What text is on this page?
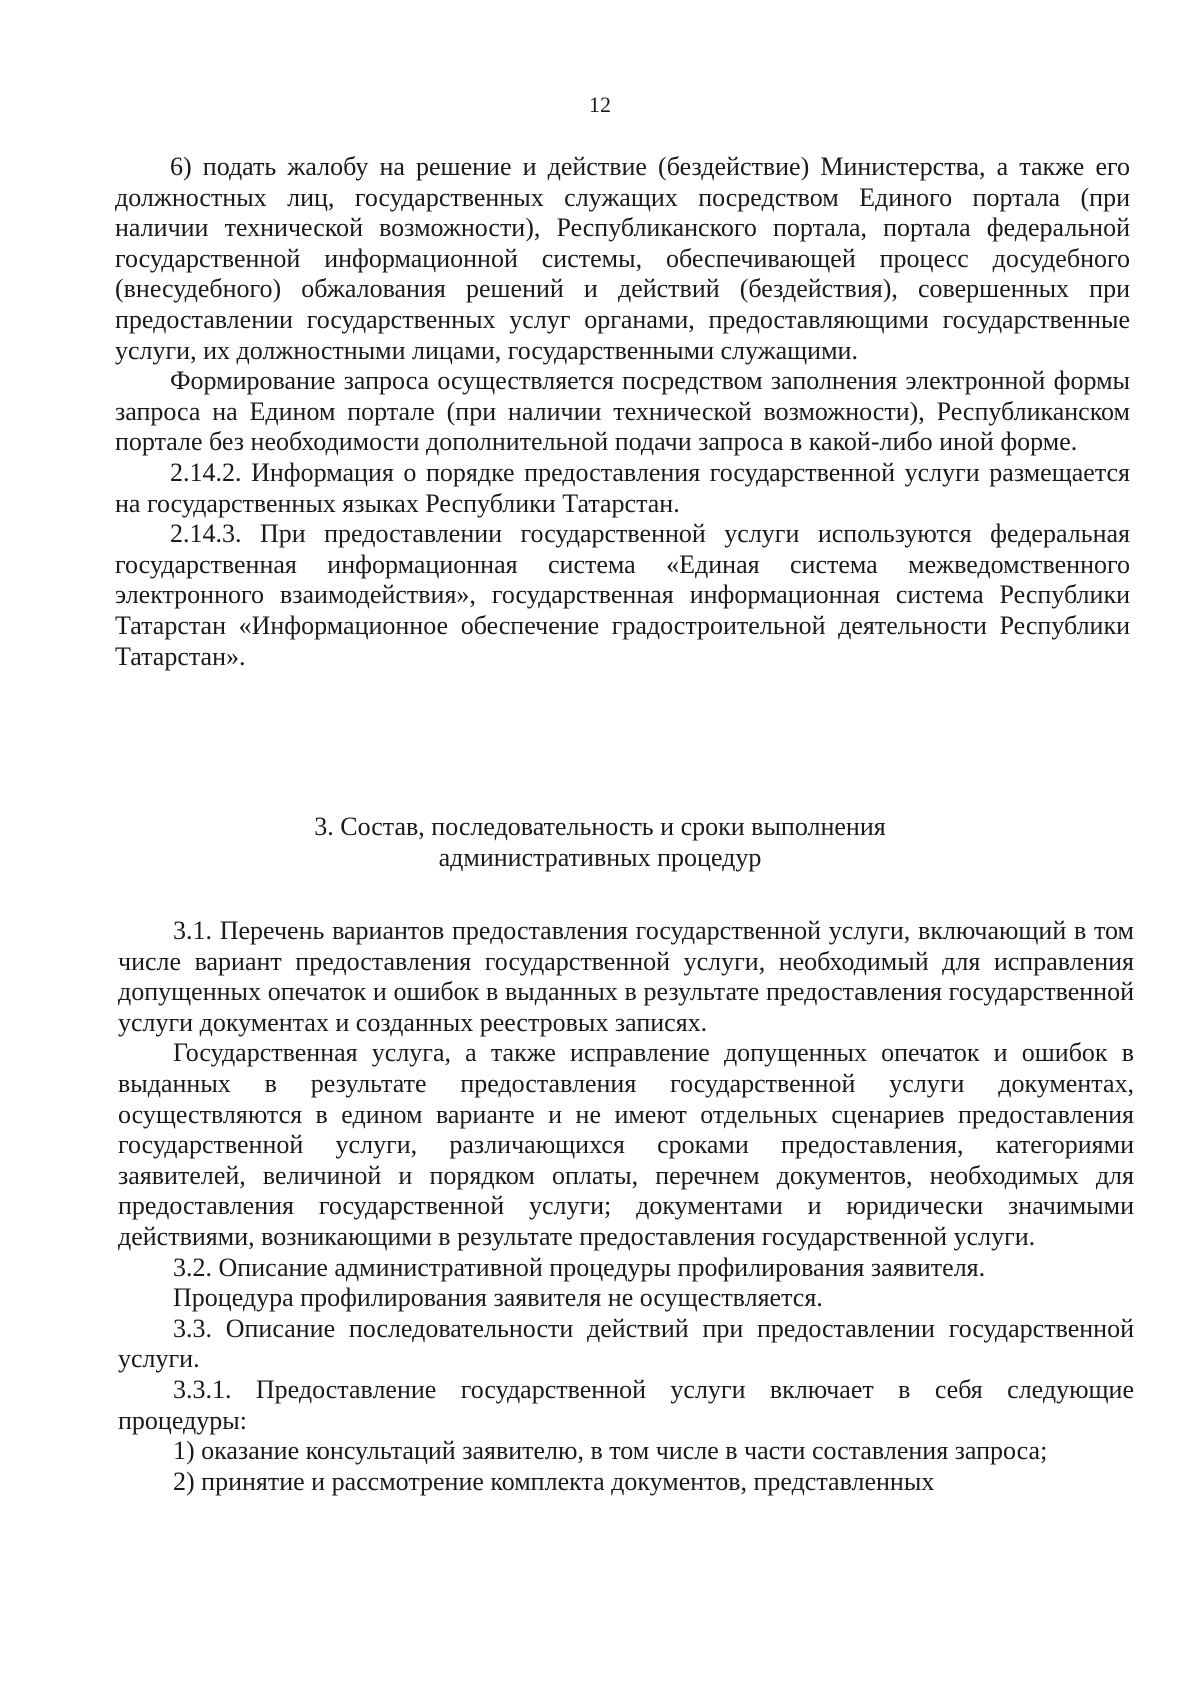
12

6) подать жалобу на решение и действие (бездействие) Министерства, а также его должностных лиц, государственных служащих посредством Единого портала (при наличии технической возможности), Республиканского портала, портала федеральной государственной информационной системы, обеспечивающей процесс досудебного (внесудебного) обжалования решений и действий (бездействия), совершенных при предоставлении государственных услуг органами, предоставляющими государственные услуги, их должностными лицами, государственными служащими.

Формирование запроса осуществляется посредством заполнения электронной формы запроса на Едином портале (при наличии технической возможности), Республиканском портале без необходимости дополнительной подачи запроса в какой-либо иной форме.

2.14.2. Информация о порядке предоставления государственной услуги размещается на государственных языках Республики Татарстан.

2.14.3. При предоставлении государственной услуги используются федеральная государственная информационная система «Единая система межведомственного электронного взаимодействия», государственная информационная система Республики Татарстан «Информационное обеспечение градостроительной деятельности Республики Татарстан».

3. Состав, последовательность и сроки выполнения
административных процедур

3.1. Перечень вариантов предоставления государственной услуги, включающий в том числе вариант предоставления государственной услуги, необходимый для исправления допущенных опечаток и ошибок в выданных в результате предоставления государственной услуги документах и созданных реестровых записях.

Государственная услуга, а также исправление допущенных опечаток и ошибок в выданных в результате предоставления государственной услуги документах, осуществляются в едином варианте и не имеют отдельных сценариев предоставления государственной услуги, различающихся сроками предоставления, категориями заявителей, величиной и порядком оплаты, перечнем документов, необходимых для предоставления государственной услуги; документами и юридически значимыми действиями, возникающими в результате предоставления государственной услуги.

3.2. Описание административной процедуры профилирования заявителя.

Процедура профилирования заявителя не осуществляется.

3.3. Описание последовательности действий при предоставлении государственной услуги.

3.3.1. Предоставление государственной услуги включает в себя следующие процедуры:

1) оказание консультаций заявителю, в том числе в части составления запроса;

2) принятие и рассмотрение комплекта документов, представленных
